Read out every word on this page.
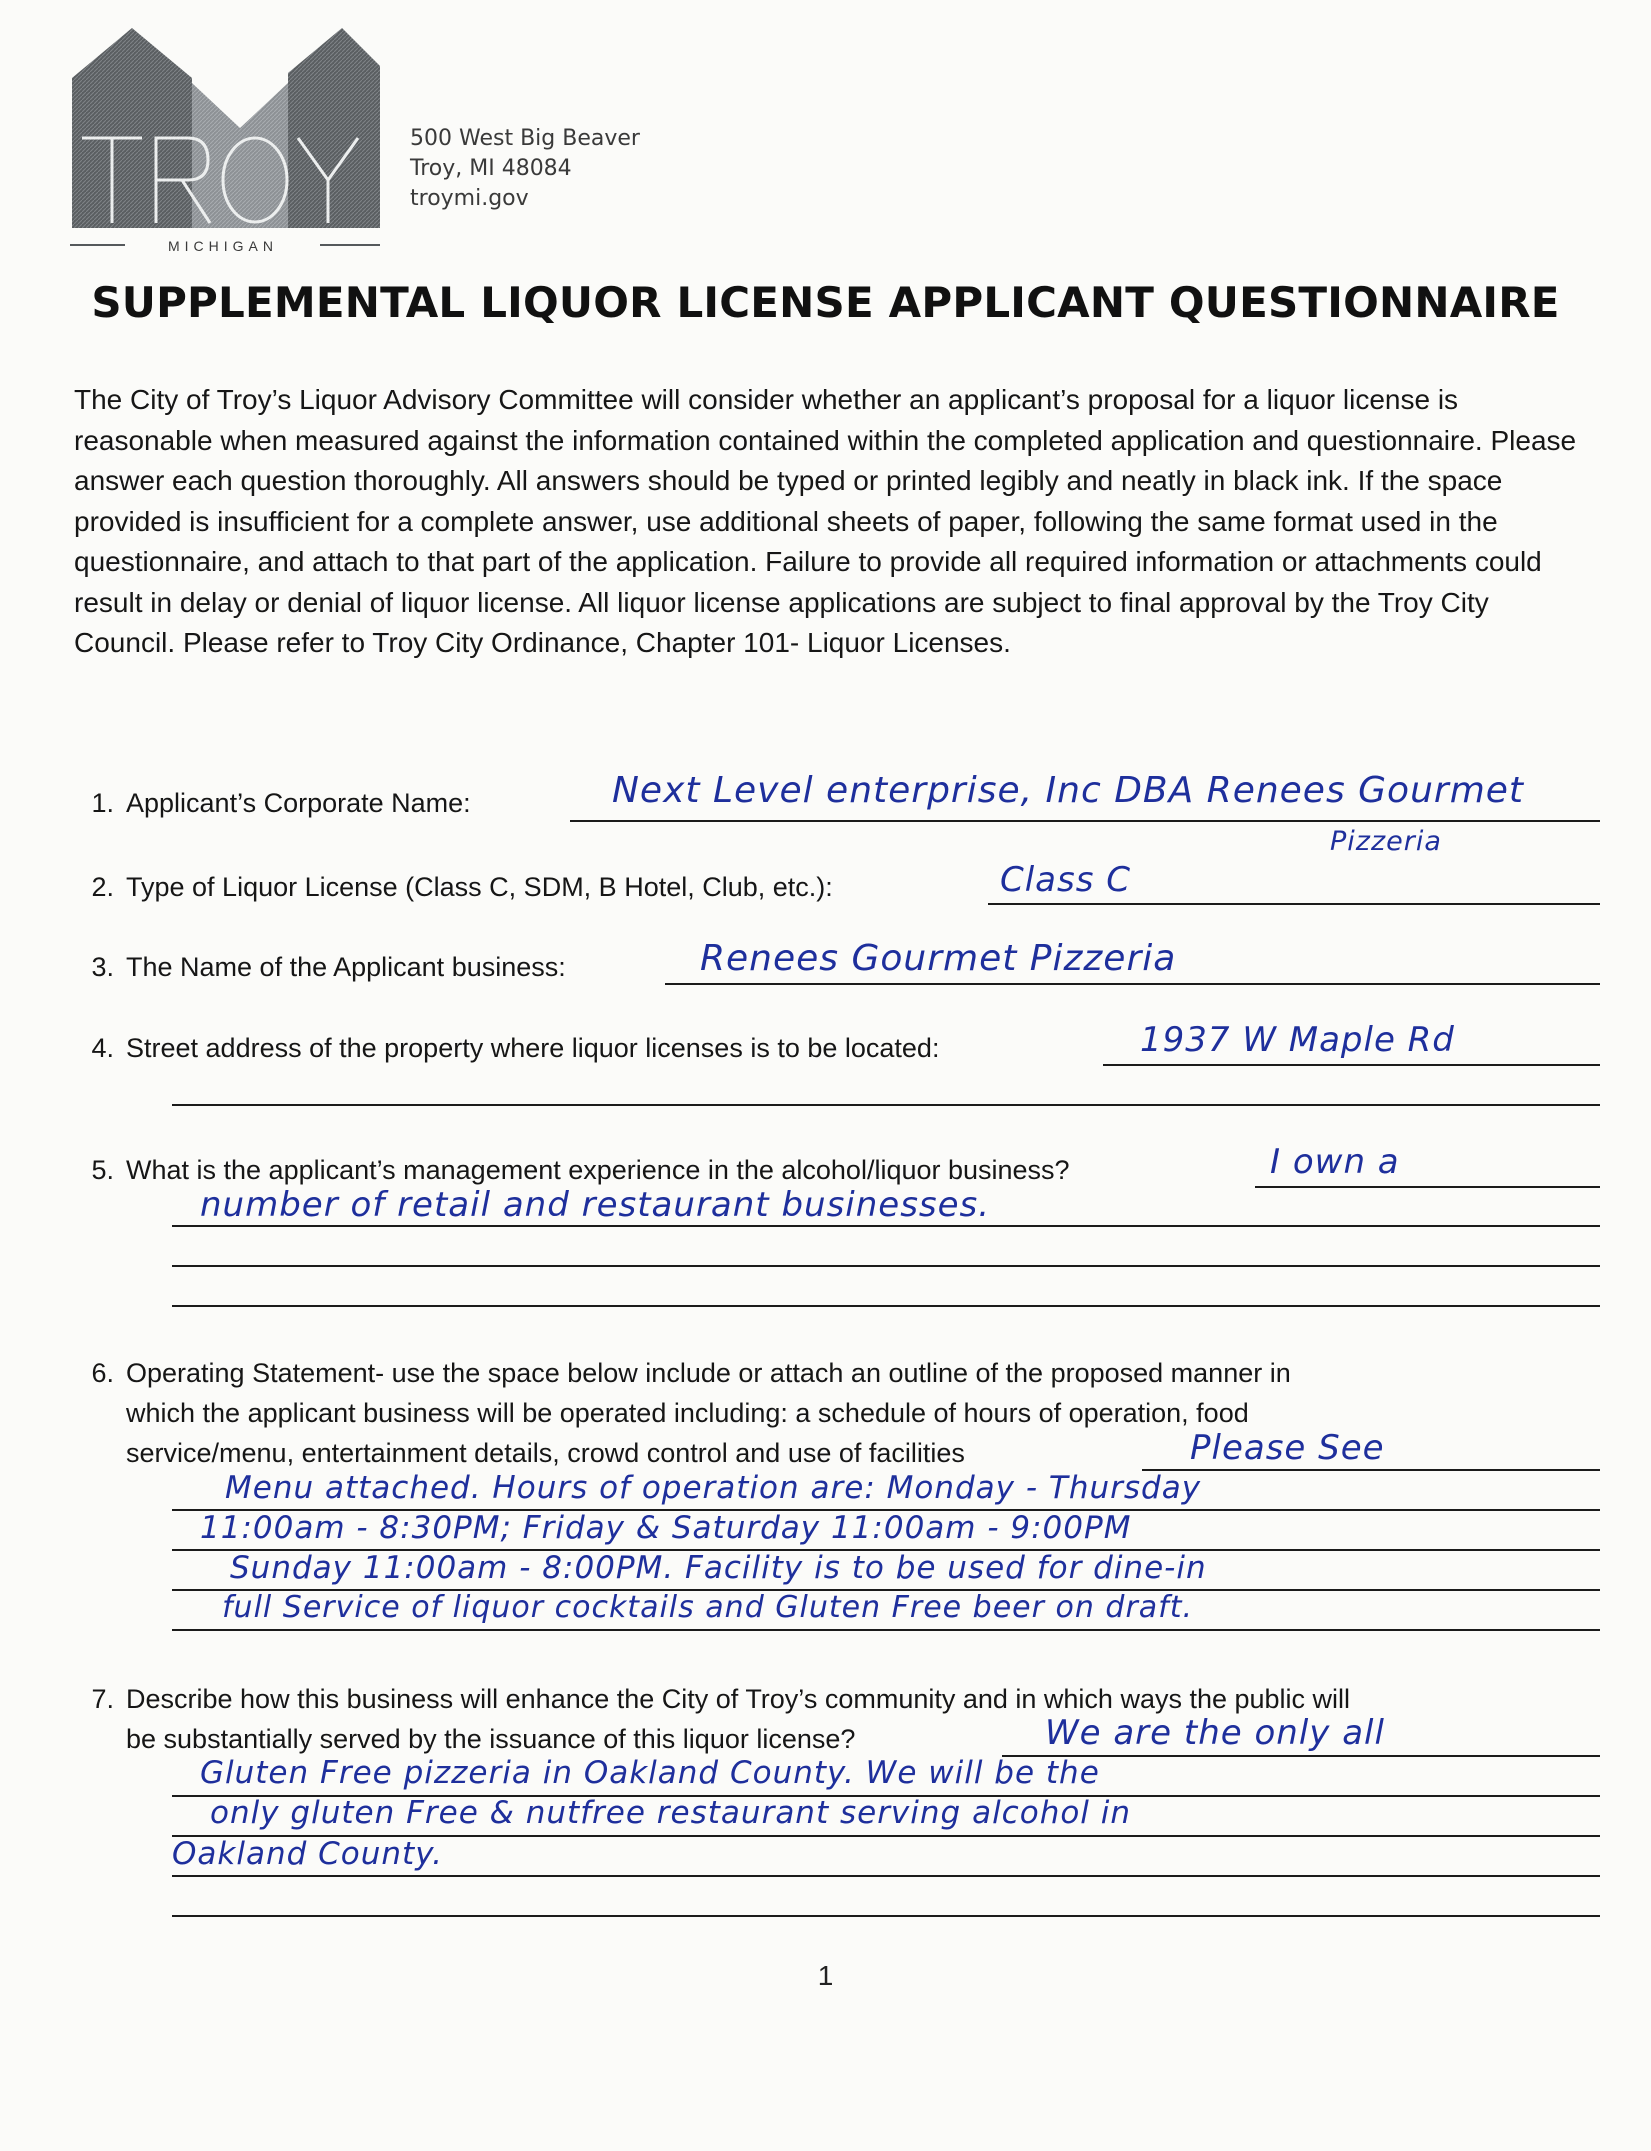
MICHIGAN
500 West Big Beaver
Troy, MI 48084
troymi.gov
SUPPLEMENTAL LIQUOR LICENSE APPLICANT QUESTIONNAIRE
The City of Troy’s Liquor Advisory Committee will consider whether an applicant’s proposal for a liquor license is reasonable when measured against the information contained within the completed application and questionnaire. Please answer each question thoroughly. All answers should be typed or printed legibly and neatly in black ink. If the space provided is insufficient for a complete answer, use additional sheets of paper, following the same format used in the questionnaire, and attach to that part of the application. Failure to provide all required information or attachments could result in delay or denial of liquor license. All liquor license applications are subject to final approval by the Troy City Council. Please refer to Troy City Ordinance, Chapter 101- Liquor Licenses.
1. Applicant’s Corporate Name:	Next Level enterprise, Inc DBA Renees Gourmet
Pizzeria
2. Type of Liquor License (Class C, SDM, B Hotel, Club, etc.):	Class C
3. The Name of the Applicant business:	Renees Gourmet Pizzeria
4. Street address of the property where liquor licenses is to be located:	1937 W Maple Rd
5. What is the applicant’s management experience in the alcohol/liquor business?	I own a
number of retail and restaurant businesses.
6. Operating Statement- use the space below include or attach an outline of the proposed manner in
which the applicant business will be operated including: a schedule of hours of operation, food
service/menu, entertainment details, crowd control and use of facilities	Please See
Menu attached. Hours of operation are: Monday - Thursday
11:00am - 8:30PM; Friday & Saturday 11:00am - 9:00PM
Sunday 11:00am - 8:00PM. Facility is to be used for dine-in
full Service of liquor cocktails and Gluten Free beer on draft.
7. Describe how this business will enhance the City of Troy’s community and in which ways the public will
be substantially served by the issuance of this liquor license?	We are the only all
Gluten Free pizzeria in Oakland County. We will be the
only gluten Free & nutfree restaurant serving alcohol in
Oakland County.
1
